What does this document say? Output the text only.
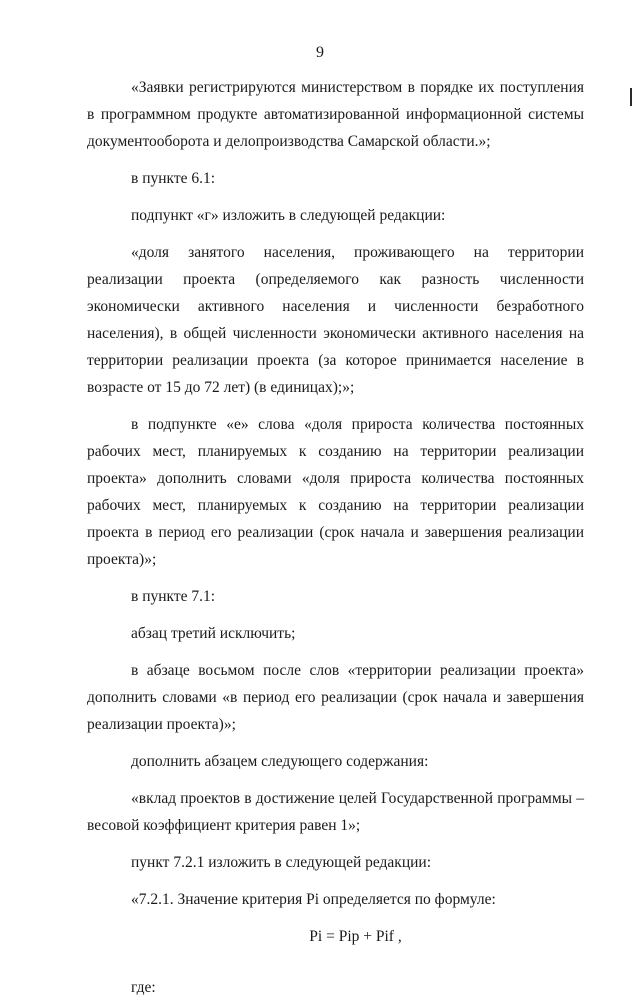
9

«Заявки регистрируются министерством в порядке их поступления в программном продукте автоматизированной информационной системы документооборота и делопроизводства Самарской области.»;

в пункте 6.1:

подпункт «г» изложить в следующей редакции:

«доля занятого населения, проживающего на территории реализации проекта (определяемого как разность численности экономически активного населения и численности безработного населения), в общей численности экономически активного населения на территории реализации проекта (за которое принимается население в возрасте от 15 до 72 лет) (в единицах);»;

в подпункте «е» слова «доля прироста количества постоянных рабочих мест, планируемых к созданию на территории реализации проекта» дополнить словами «доля прироста количества постоянных рабочих мест, планируемых к созданию на территории реализации проекта в период его реализации (срок начала и завершения реализации проекта)»;

в пункте 7.1:

абзац третий исключить;

в абзаце восьмом после слов «территории реализации проекта» дополнить словами «в период его реализации (срок начала и завершения реализации проекта)»;

дополнить абзацем следующего содержания:

«вклад проектов в достижение целей Государственной программы – весовой коэффициент критерия равен 1»;

пункт 7.2.1 изложить в следующей редакции:

«7.2.1. Значение критерия Pi определяется по формуле:

Pi = Pip + Pif ,

где:
